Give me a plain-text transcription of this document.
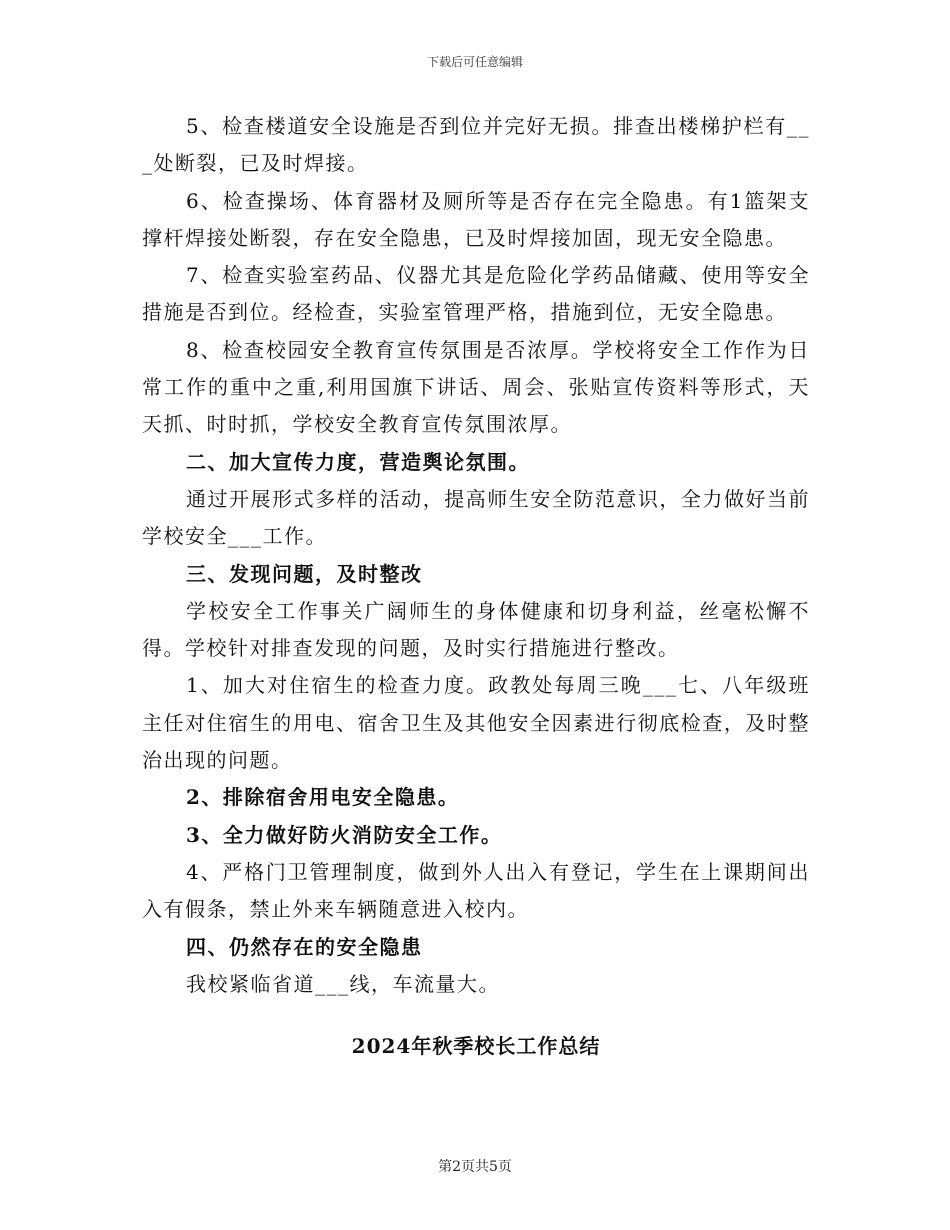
下载后可任意编辑

5、检查楼道安全设施是否到位并完好无损。排查出楼梯护栏有___处断裂，已及时焊接。

6、检查操场、体育器材及厕所等是否存在完全隐患。有1篮架支撑杆焊接处断裂，存在安全隐患，已及时焊接加固，现无安全隐患。

7、检查实验室药品、仪器尤其是危险化学药品储藏、使用等安全措施是否到位。经检查，实验室管理严格，措施到位，无安全隐患。

8、检查校园安全教育宣传氛围是否浓厚。学校将安全工作作为日常工作的重中之重,利用国旗下讲话、周会、张贴宣传资料等形式，天天抓、时时抓，学校安全教育宣传氛围浓厚。

二、加大宣传力度，营造舆论氛围。

通过开展形式多样的活动，提高师生安全防范意识，全力做好当前学校安全___工作。

三、发现问题，及时整改

学校安全工作事关广阔师生的身体健康和切身利益，丝毫松懈不得。学校针对排查发现的问题，及时实行措施进行整改。

1、加大对住宿生的检查力度。政教处每周三晚___七、八年级班主任对住宿生的用电、宿舍卫生及其他安全因素进行彻底检查，及时整治出现的问题。

2、排除宿舍用电安全隐患。

3、全力做好防火消防安全工作。

4、严格门卫管理制度，做到外人出入有登记，学生在上课期间出入有假条，禁止外来车辆随意进入校内。

四、仍然存在的安全隐患

我校紧临省道___线，车流量大。

2024年秋季校长工作总结

第2页共5页
